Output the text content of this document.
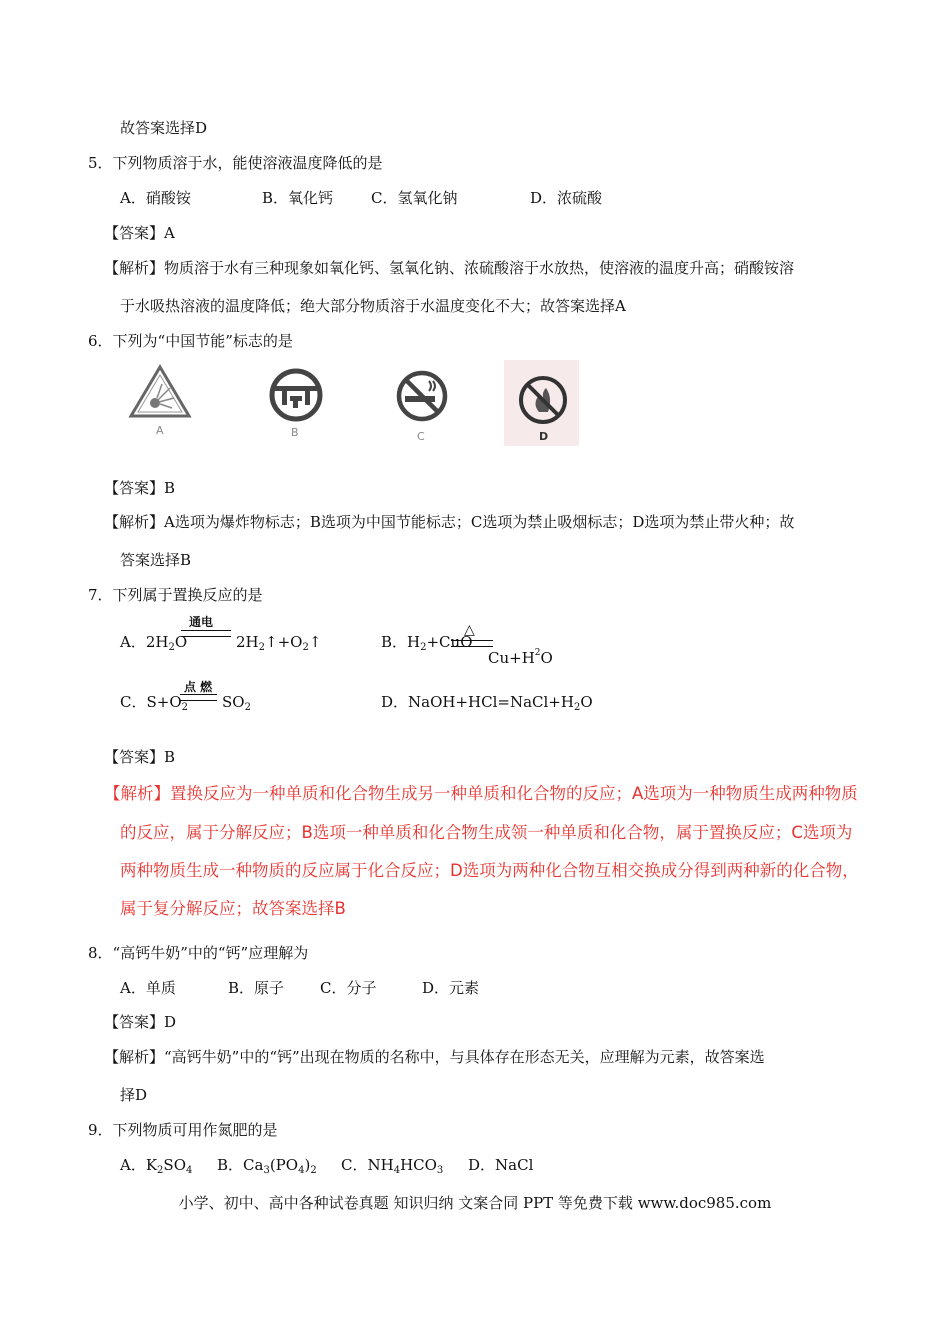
故答案选择D
5．下列物质溶于水，能使溶液温度降低的是
A．硝酸铵	B．氧化钙	C．氢氧化钠	D．浓硫酸
【答案】A
【解析】物质溶于水有三种现象如氧化钙、氢氧化钠、浓硫酸溶于水放热，使溶液的温度升高；硝酸铵溶
于水吸热溶液的温度降低；绝大部分物质溶于水温度变化不大；故答案选择A
6．下列为“中国节能”标志的是
A	B	C	D
【答案】B
【解析】A选项为爆炸物标志；B选项为中国节能标志；C选项为禁止吸烟标志；D选项为禁止带火种；故
答案选择B
7．下列属于置换反应的是
A．$2H_2O$
通电
$2H_2↑+O_2↑$	B．$H_2+CuO$
△
$Cu+H^2O$
C．$S+O_2$
点 燃
$SO_2$	D．$NaOH+HCl=NaCl+H_2O$
【答案】B
【解析】置换反应为一种单质和化合物生成另一种单质和化合物的反应；A选项为一种物质生成两种物质
的反应，属于分解反应；B选项一种单质和化合物生成领一种单质和化合物，属于置换反应；C选项为
两种物质生成一种物质的反应属于化合反应；D选项为两种化合物互相交换成分得到两种新的化合物，
属于复分解反应；故答案选择B
8．“高钙牛奶”中的“钙”应理解为
A．单质	B．原子 C．分子	D．元素
【答案】D
【解析】“高钙牛奶”中的“钙”出现在物质的名称中，与具体存在形态无关，应理解为元素，故答案选
择D
9．下列物质可用作氮肥的是
A．$K_2SO_4$ B．$Ca_3(PO_4)_2$ C．$NH_4HCO_3$ D．NaCl
小学、初中、高中各种试卷真题 知识归纳 文案合同 PPT 等免费下载 www.doc985.com
